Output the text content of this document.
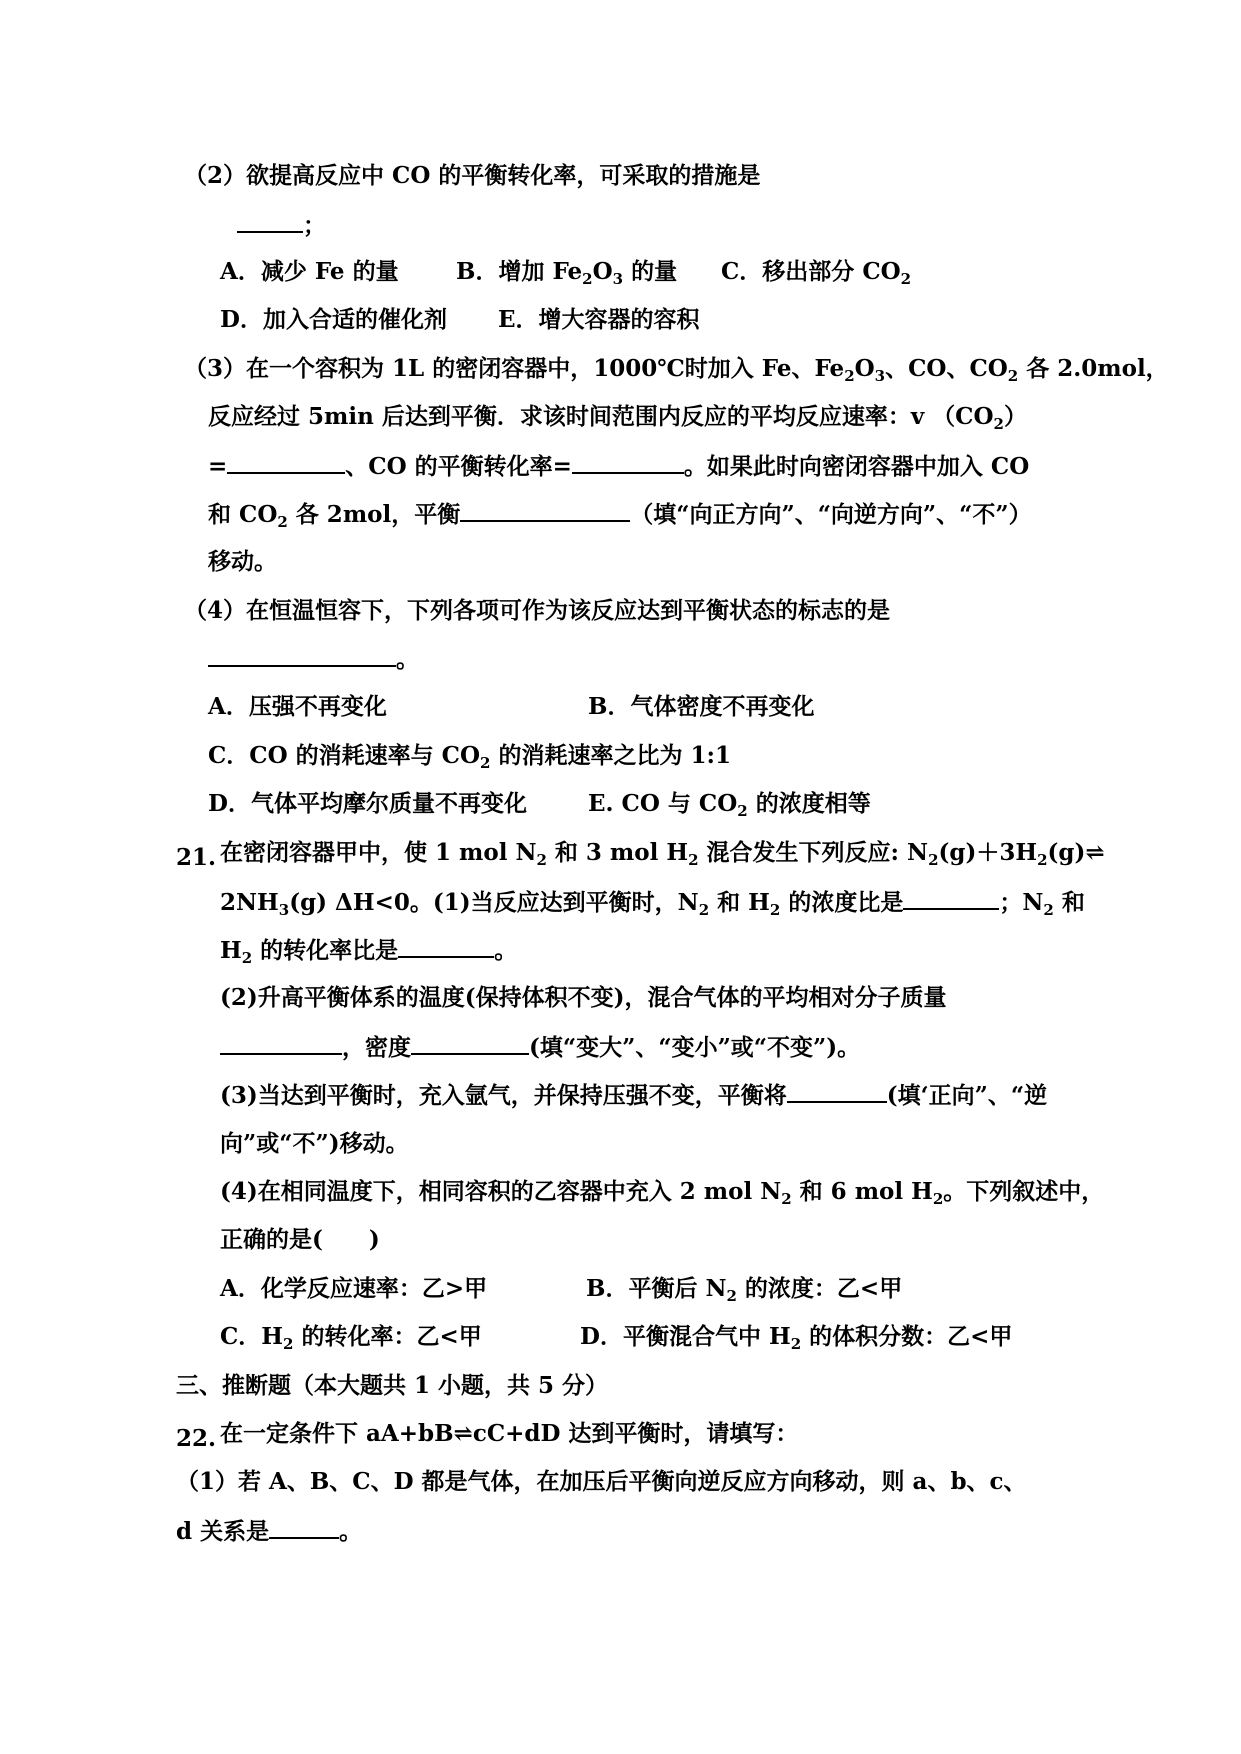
（2）欲提高反应中 CO 的平衡转化率，可采取的措施是
；
A．减少 Fe 的量 B．增加 $Fe_2O_3$ 的量 C．移出部分 $CO_2$
D．加入合适的催化剂 E．增大容器的容积
（3）在一个容积为 1L 的密闭容器中，1000℃时加入 Fe、$Fe_2O_3$、CO、$CO_2$ 各 2.0mol，
反应经过 5min 后达到平衡．求该时间范围内反应的平均反应速率：v $(CO_2)$
=	、CO 的平衡转化率=	。如果此时向密闭容器中加入 CO
和 $CO_2$ 各 2mol，平衡	（填“向正方向”、“向逆方向”、“不”）
移动。
（4）在恒温恒容下，下列各项可作为该反应达到平衡状态的标志的是
。
A．压强不再变化	B．气体密度不再变化
C．CO 的消耗速率与 $CO_2$ 的消耗速率之比为 1:1
D．气体平均摩尔质量不再变化	E. CO 与 $CO_2$ 的浓度相等
21. 在密闭容器甲中，使 1 mol $N_2$ 和 3 mol $H_2$ 混合发生下列反应: $N_2(g)+3H_2(g)\rightleftharpoons$
$2NH_3(g)$ ΔH<0。(1)当反应达到平衡时，$N_2$ 和 $H_2$ 的浓度比是	；$N_2$ 和
$H_2$ 的转化率比是	。
(2)升高平衡体系的温度(保持体积不变)，混合气体的平均相对分子质量
，密度	(填“变大”、“变小”或“不变”)。
(3)当达到平衡时，充入氩气，并保持压强不变，平衡将	(填‘正向”、“逆
向”或“不”)移动。
(4)在相同温度下，相同容积的乙容器中充入 2 mol $N_2$ 和 6 mol $H_2$。下列叙述中，
正确的是(　　)
A．化学反应速率：乙>甲	B．平衡后 $N_2$ 的浓度：乙<甲
C．$H_2$ 的转化率：乙<甲	D．平衡混合气中 $H_2$ 的体积分数：乙<甲
三、推断题（本大题共 1 小题，共 5 分）
22. 在一定条件下 aA+bB⇌cC+dD 达到平衡时，请填写：
（1）若 A、B、C、D 都是气体，在加压后平衡向逆反应方向移动，则 a、b、c、
d 关系是	。
